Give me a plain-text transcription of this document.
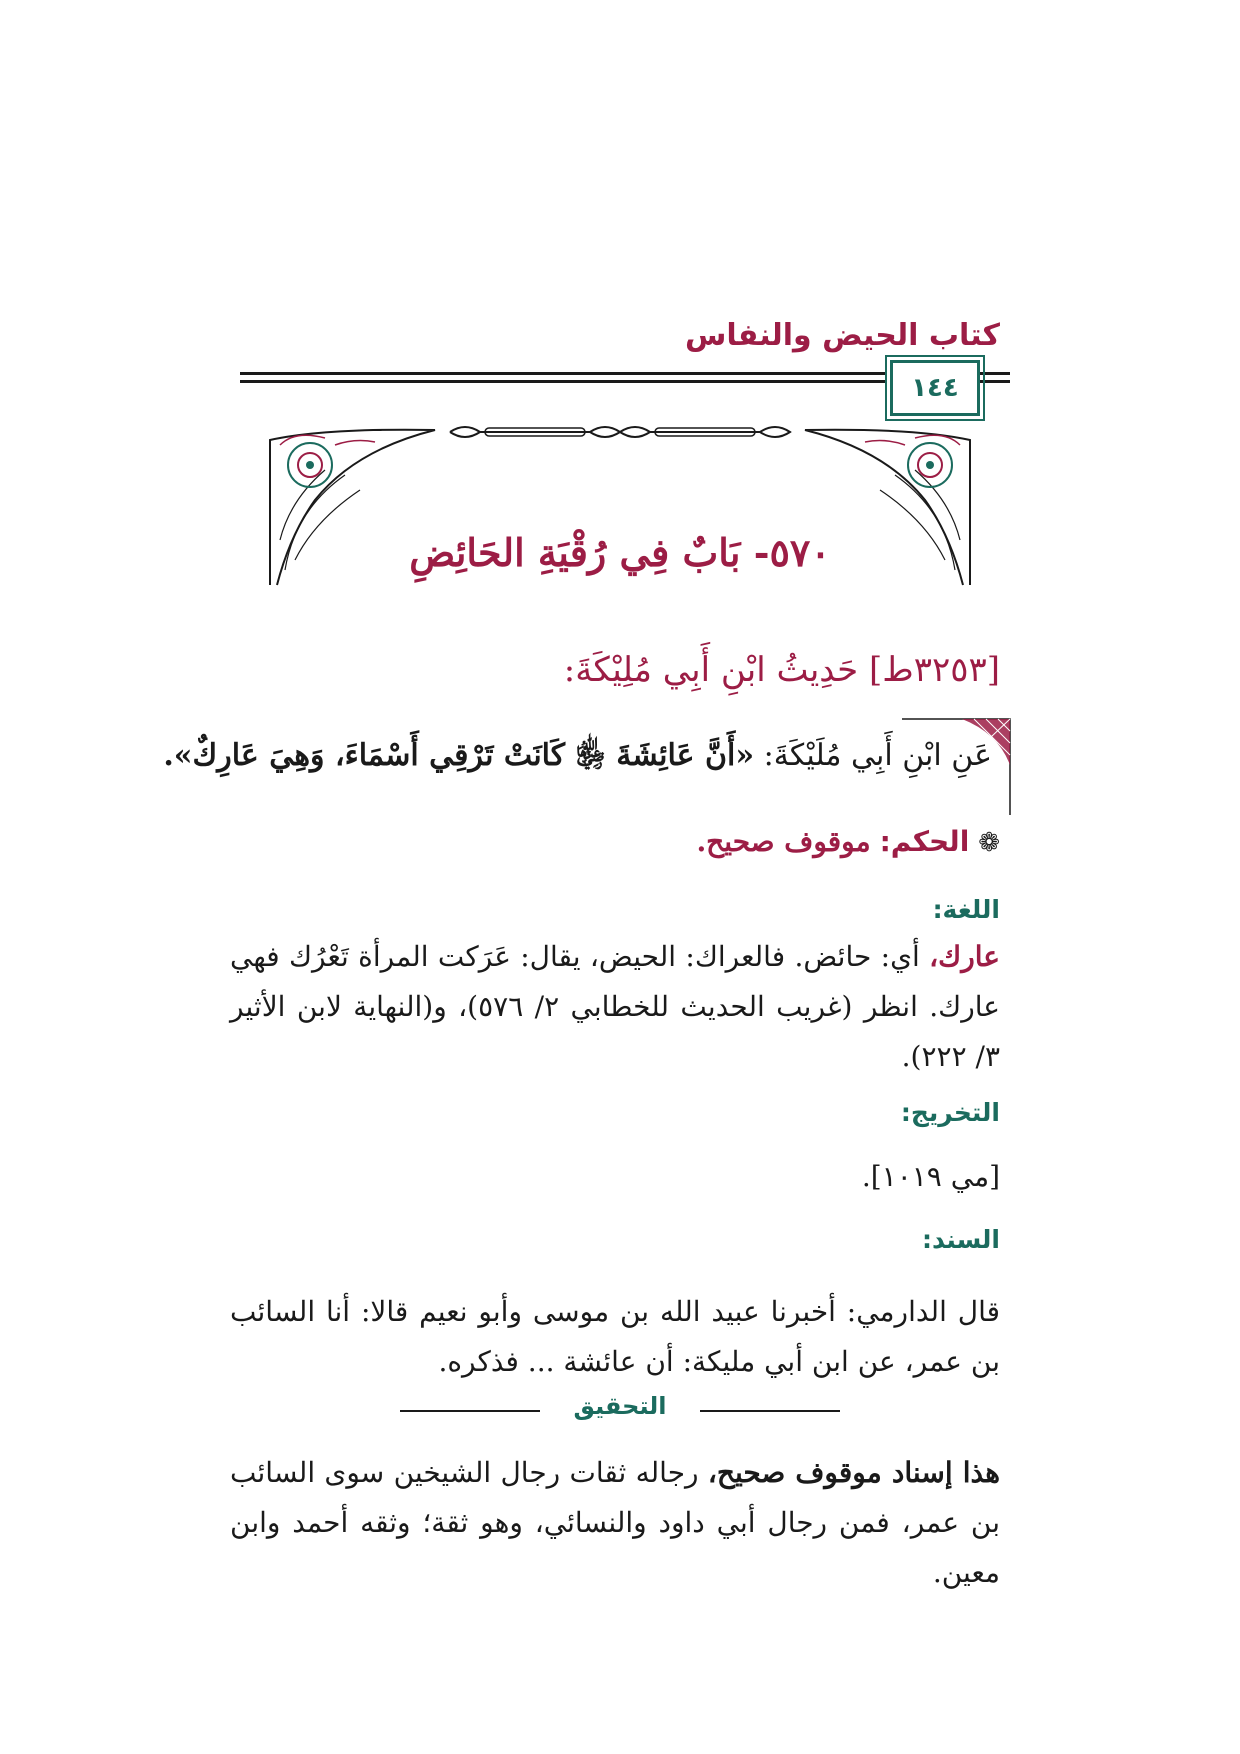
كتاب الحيض والنفاس
١٤٤
٥٧٠- بَابٌ فِي رُقْيَةِ الحَائِضِ
[٣٢٥٣ط] حَدِيثُ ابْنِ أَبِي مُلِيْكَةَ:
عَنِ ابْنِ أَبِي مُلَيْكَةَ: «أَنَّ عَائِشَةَ ﵂ كَانَتْ تَرْقِي أَسْمَاءَ، وَهِيَ عَارِكٌ».
❁ الحكم: موقوف صحيح.
اللغة:
عارك، أي: حائض. فالعراك: الحيض، يقال: عَرَكت المرأة تَعْرُك فهي عارك. انظر (غريب الحديث للخطابي ٢/ ٥٧٦)، و(النهاية لابن الأثير ٣/ ٢٢٢).
التخريج:
[مي ١٠١٩].
السند:
قال الدارمي: أخبرنا عبيد الله بن موسى وأبو نعيم قالا: أنا السائب بن عمر، عن ابن أبي مليكة: أن عائشة ... فذكره.
التحقيق
هذا إسناد موقوف صحيح، رجاله ثقات رجال الشيخين سوى السائب بن عمر، فمن رجال أبي داود والنسائي، وهو ثقة؛ وثقه أحمد وابن معين.
